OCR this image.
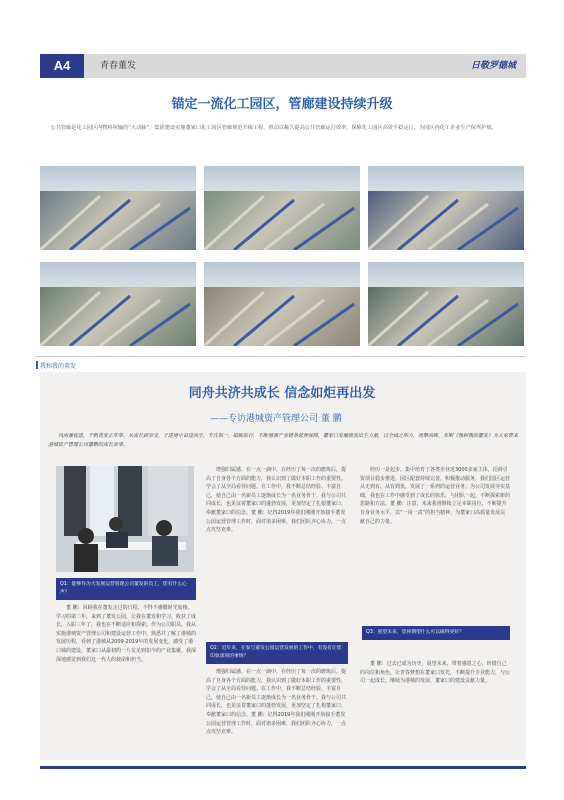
A4	青春董发	日敬罗德城
锚定一流化工园区，管廊建设持续升级
公共管廊是化工园区内物料所输的“大动脉”，集团建设实施董家口化工园区管廊规范升级工程，推动以稀久提高公共管廊运行效率、保障化工园区高效平稳运行，为园区内化工企业生产保驾护航。
我和我的董发
同舟共济共成长 信念如炬再出发
——专访港城资产管理公司 董 鹏
风雨兼程患，千帆竞发正年华。从成长到享受，于逆境中奋进而生，专注如一，砥砺前行，不断增强产业链条延伸保障，董家口发展焕发出生力量，以全域之所力，勇攀高峰。本期《我和我的董发》为大家带来港城资产管理公司董鹏的成长故事。
Q1：能够作为大发展运营管理公司董发的员工，您有什么心声？
董 鹏：回顾我在董发走过的日程，不得不感慨时光如梭。学习的第二年，来到了董发公园，让我在董发和学习，收获了成长，入职三年了，我也在不断适应和探索。作为公司职员，我从实施港城资产管理公司和建设运营工作中，熟悉并了解了港城的发展历程，看到了港城从2009-2019年的发展变化，感受了港口城的建设，董家口从最初的一片荒芜到如今的产业集聚，我深深地感觉到我们这一代人的使命和担当。
增强归属感。在一点一滴中，在经历了每一次的磨炼后，提高了自身各个方面的能力，我认识到了做好本职工作的重要性，学会了从全局看待问题。在工作中，我不断总结经验、丰富自己，使自己由一名新员工逐渐成长为一名业务骨干。我与公司共同成长，也见证着董家口的蓬勃发展，更加坚定了扎根董家口、奉献董家口的信念。董 鹏：记得2019年我们刚刚开始接手董发公园运营管理工作时，面对诸多困难，我们团队齐心协力，一点点攻坚克难。
Q2：近年来，在参与董发公园运营发展的工作中，有没有让您印象深刻的事情？
增强归属感。在一点一滴中，在经历了每一次的磨炼后，提高了自身各个方面的能力，我认识到了做好本职工作的重要性，学会了从全局看待问题。在工作中，我不断总结经验、丰富自己，使自己由一名新员工逐渐成长为一名业务骨干。我与公司共同成长，也见证着董家口的蓬勃发展，更加坚定了扎根董家口、奉献董家口的信念。董 鹏：记得2019年我们刚刚开始接手董发公园运营管理工作时，面对诸多困难，我们团队齐心协力，一点点攻坚克难。
经历一是起步，集中培育了各类企业近3000多家主体，招商引资项目稳步推进，园区配套持续完善，积极推动服务，我们园区运营从无到有、从有到优，发展了一系列的运营业务。为公司发展夯实基础，我也在工作中感受到了成长的快乐，与团队一起，不断探索新的思路和方法。董 鹏：注意，未来我将继续立足本职岗位，不断提升自身业务水平，以“一岗一责”的担当精神，为董家口高质量发展贡献自己的力量。
Q3：展望未来，您将期望什么可以做得更好？
董 鹏：过去已成为历史，展望未来，带着感恩之心，珍惜自己的岗位和角色，让青春梦想在董家口发光，不断提升专业能力，与公司一起成长，继续为港城的发展、董家口的建设贡献力量。
